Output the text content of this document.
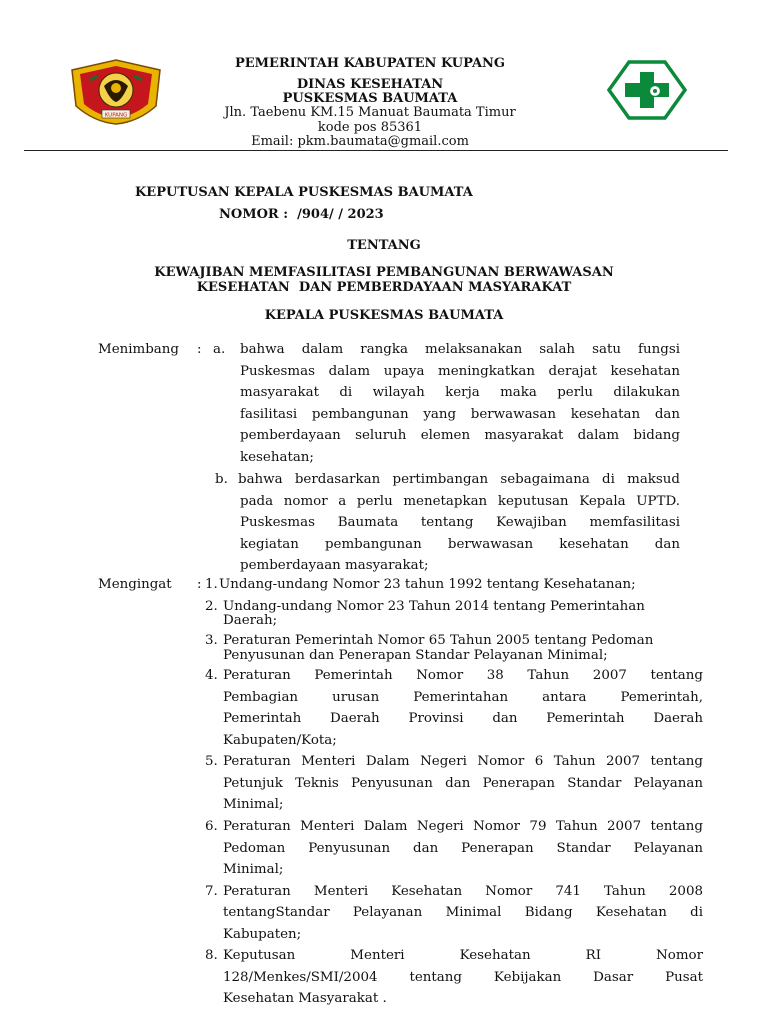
KUPANG
PEMERINTAH KABUPATEN KUPANG
DINAS KESEHATAN
PUSKESMAS BAUMATA
Jln. Taebenu KM.15 Manuat Baumata Timur
kode pos 85361
Email: pkm.baumata@gmail.com
KEPUTUSAN KEPALA PUSKESMAS BAUMATA
NOMOR :  /904/ / 2023
TENTANG
KEWAJIBAN MEMFASILITASI PEMBANGUNAN BERWAWASAN
KESEHATAN  DAN PEMBERDAYAAN MASYARAKAT
KEPALA PUSKESMAS BAUMATA
Menimbang : a. bahwa dalam rangka melaksanakan salah satu fungsi
Puskesmas dalam upaya meningkatkan derajat kesehatan
masyarakat di wilayah kerja maka perlu dilakukan
fasilitasi pembangunan yang berwawasan kesehatan dan
pemberdayaan seluruh elemen masyarakat dalam bidang
kesehatan;
b. bahwa berdasarkan pertimbangan sebagaimana di maksud
pada nomor a perlu menetapkan keputusan Kepala UPTD.
Puskesmas Baumata tentang Kewajiban memfasilitasi
kegiatan pembangunan berwawasan kesehatan dan
pemberdayaan masyarakat;
Mengingat : 1. Undang-undang Nomor 23 tahun 1992 tentang Kesehatanan;
2. Undang-undang Nomor 23 Tahun 2014 tentang Pemerintahan
Daerah;
3. Peraturan Pemerintah Nomor 65 Tahun 2005 tentang Pedoman
Penyusunan dan Penerapan Standar Pelayanan Minimal;
4. Peraturan Pemerintah Nomor 38 Tahun 2007 tentang
Pembagian urusan Pemerintahan antara Pemerintah,
Pemerintah Daerah Provinsi dan Pemerintah Daerah
Kabupaten/Kota;
5. Peraturan Menteri Dalam Negeri Nomor 6 Tahun 2007 tentang
Petunjuk Teknis Penyusunan dan Penerapan Standar Pelayanan
Minimal;
6. Peraturan Menteri Dalam Negeri Nomor 79 Tahun 2007 tentang
Pedoman Penyusunan dan Penerapan Standar Pelayanan
Minimal;
7. Peraturan Menteri Kesehatan Nomor 741 Tahun 2008
tentangStandar Pelayanan Minimal Bidang Kesehatan di
Kabupaten;
8. Keputusan Menteri Kesehatan RI Nomor
128/Menkes/SMI/2004 tentang Kebijakan Dasar Pusat
Kesehatan Masyarakat .
